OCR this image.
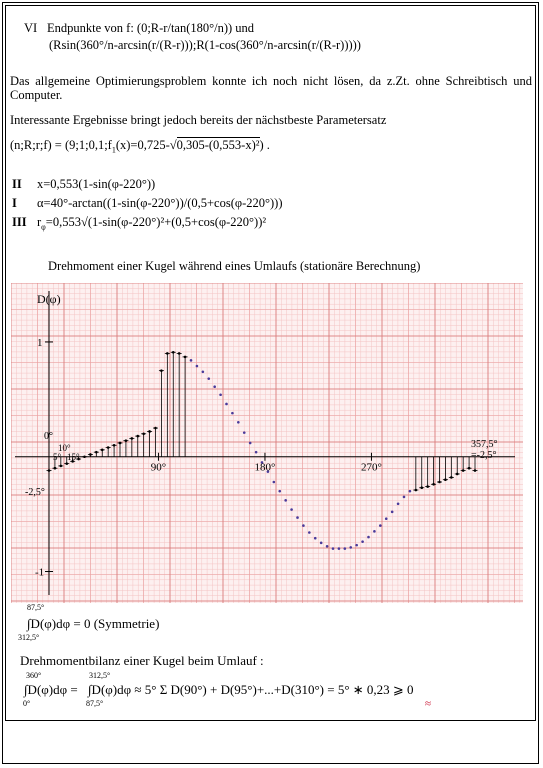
VI Endpunkte von f: (0;R-r/tan(180°/n)) und
(Rsin(360°/n-arcsin(r/(R-r)));R(1-cos(360°/n-arcsin(r/(R-r)))))
Das allgemeine Optimierungsproblem konnte ich noch nicht lösen, da z.Zt. ohne Schreibtisch und Computer.
Interessante Ergebnisse bringt jedoch bereits der nächstbeste Parametersatz
(n;R;r;f) = $(9;1;0,1;f_1(x)=0,725-√0,305-(0,553-x)^2)$ .
II x=0,553(1-sin(φ-220°))
I α=40°-arctan((1-sin(φ-220°))/(0,5+cos(φ-220°)))
III $r_\varphi=0,553√(1-\sin(\varphi-220^\circ)^2+(0,5+\cos(\varphi-220^\circ))^2$
Drehmoment einer Kugel während eines Umlaufs (stationäre Berechnung)
D(φ)
1
-1
90°	180°	270°
0°
10°
5° 15°
-2,5°
357,5°
=-2,5°
87,5°
∫D(φ)dφ = 0 (Symmetrie)
312,5°
Drehmomentbilanz einer Kugel beim Umlauf :
360°	312,5°
∫D(φ)dφ = ∫D(φ)dφ ≈ 5° Σ D(90°) + D(95°)+...+D(310°) = 5° ∗ 0,23 ⩾ 0
0°	87,5°	≈
